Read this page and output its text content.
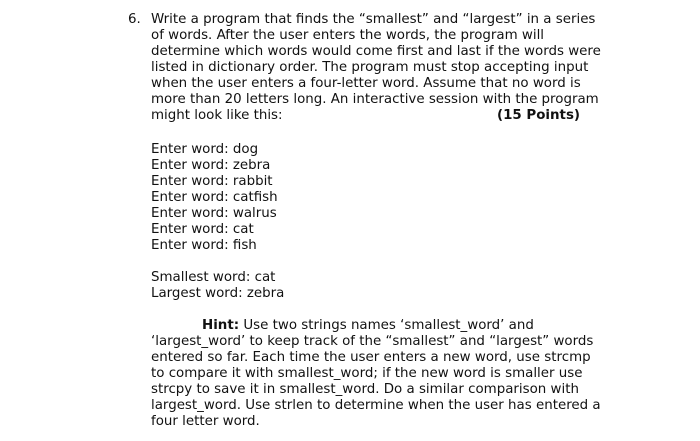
6. Write a program that finds the “smallest” and “largest” in a series
of words. After the user enters the words, the program will
determine which words would come first and last if the words were
listed in dictionary order. The program must stop accepting input
when the user enters a four-letter word. Assume that no word is
more than 20 letters long. An interactive session with the program
might look like this:	(15 Points)
Enter word: dog
Enter word: zebra
Enter word: rabbit
Enter word: catfish
Enter word: walrus
Enter word: cat
Enter word: fish
Smallest word: cat
Largest word: zebra
Hint: Use two strings names ‘smallest_word’ and
‘largest_word’ to keep track of the “smallest” and “largest” words
entered so far. Each time the user enters a new word, use strcmp
to compare it with smallest_word; if the new word is smaller use
strcpy to save it in smallest_word. Do a similar comparison with
largest_word. Use strlen to determine when the user has entered a
four letter word.
